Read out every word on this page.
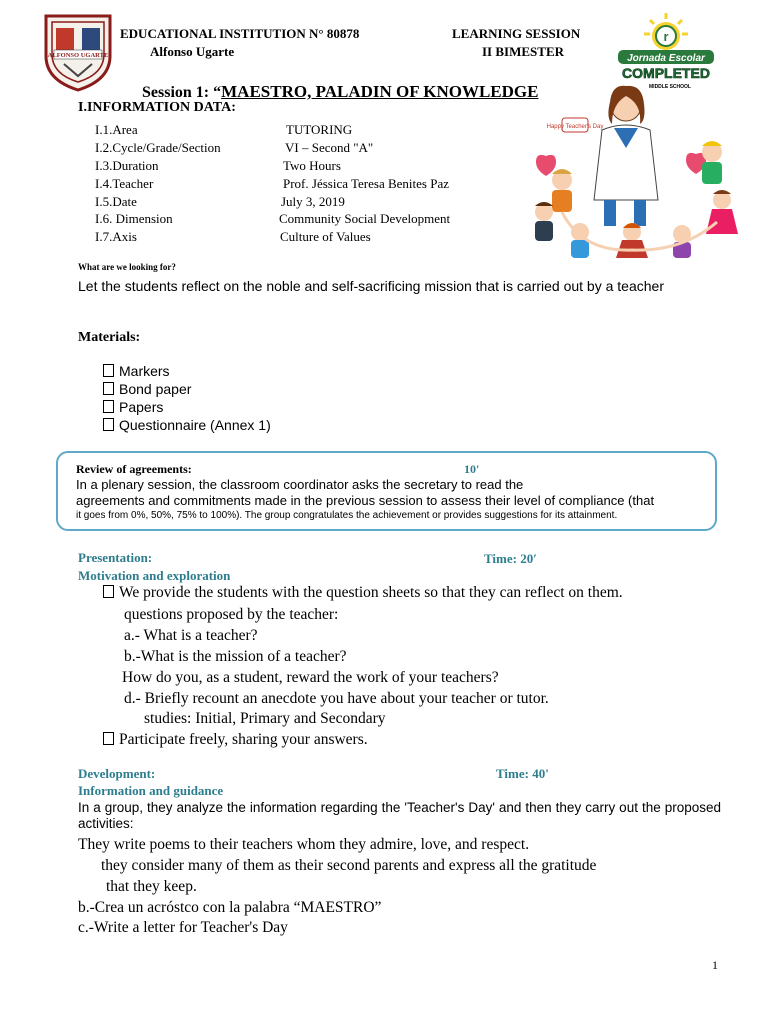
ALFONSO UGARTE
EDUCATIONAL INSTITUTION N° 80878
Alfonso Ugarte
LEARNING SESSION
II BIMESTER
r
Jornada Escolar
COMPLETED
MIDDLE SCHOOL
Session 1: “MAESTRO, PALADIN OF KNOWLEDGE
I.INFORMATION DATA:
I.1.Area	TUTORING
I.2.Cycle/Grade/Section	VI – Second "A"
I.3.Duration	Two Hours
I.4.Teacher	Prof. Jéssica Teresa Benites Paz
I.5.Date	July 3, 2019
I.6. Dimension	Community Social Development
I.7.Axis	Culture of Values
Happy Teacher's Day
What are we looking for?
Let the students reflect on the noble and self-sacrificing mission that is carried out by a teacher
Materials:
Markers
Bond paper
Papers
Questionnaire (Annex 1)
Review of agreements:	10'
In a plenary session, the classroom coordinator asks the secretary to read the
agreements and commitments made in the previous session to assess their level of compliance (that
it goes from 0%, 50%, 75% to 100%). The group congratulates the achievement or provides suggestions for its attainment.
Presentation:	Time: 20′
Motivation and exploration
We provide the students with the question sheets so that they can reflect on them.
questions proposed by the teacher:
a.- What is a teacher?
b.-What is the mission of a teacher?
How do you, as a student, reward the work of your teachers?
d.- Briefly recount an anecdote you have about your teacher or tutor.
studies: Initial, Primary and Secondary
Participate freely, sharing your answers.
Development:	Time: 40'
Information and guidance
In a group, they analyze the information regarding the 'Teacher's Day' and then they carry out the proposed activities:
They write poems to their teachers whom they admire, love, and respect.
they consider many of them as their second parents and express all the gratitude
that they keep.
b.-Crea un acróstco con la palabra “MAESTRO”
c.-Write a letter for Teacher's Day
1
